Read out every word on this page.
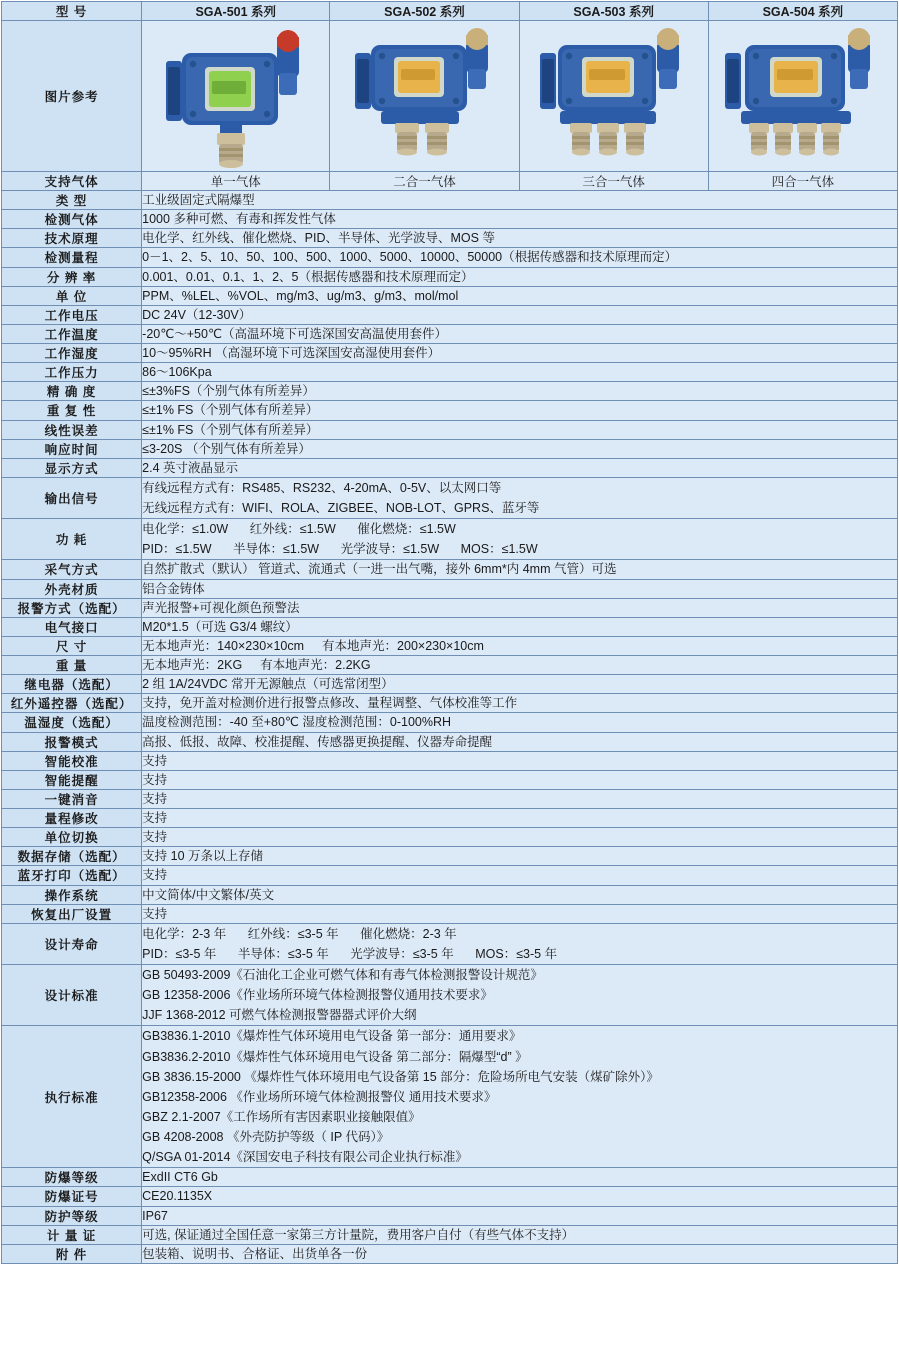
型 号	SGA-501 系列	SGA-502 系列	SGA-503 系列	SGA-504 系列
图片参考	

支持气体	单一气体	二合一气体	三合一气体	四合一气体
类 型	工业级固定式隔爆型			
检测气体	1000 多种可燃、有毒和挥发性气体			
技术原理	电化学、红外线、催化燃烧、PID、半导体、光学波导、MOS 等			
检测量程	0－1、2、5、10、50、100、500、1000、5000、10000、50000（根据传感器和技术原理而定）			
分 辨 率	0.001、0.01、0.1、1、2、5（根据传感器和技术原理而定）			
单 位	PPM、%LEL、%VOL、mg/m3、ug/m3、g/m3、mol/mol			
工作电压	DC 24V（12-30V）			
工作温度	-20℃～+50℃（高温环境下可选深国安高温使用套件）			
工作湿度	10～95%RH （高湿环境下可选深国安高湿使用套件）			
工作压力	86～106Kpa			
精 确 度	≤±3%FS（个别气体有所差异）			
重 复 性	≤±1% FS（个别气体有所差异）			
线性误差	≤±1% FS（个别气体有所差异）			
响应时间	≤3-20S （个别气体有所差异）			
显示方式	2.4 英寸液晶显示			
输出信号	有线远程方式有：RS485、RS232、4-20mA、0-5V、以太网口等
无线远程方式有：WIFI、ROLA、ZIGBEE、NOB-LOT、GPRS、蓝牙等			

功 耗	电化学：≤1.0W 红外线：≤1.5W 催化燃烧：≤1.5W
PID：≤1.5W 半导体：≤1.5W 光学波导：≤1.5W MOS：≤1.5W			

采气方式	自然扩散式（默认） 管道式、流通式（一进一出气嘴，接外 6mm*内 4mm 气管）可选			
外壳材质	铝合金铸体			
报警方式（选配）	声光报警+可视化颜色预警法			
电气接口	M20*1.5（可选 G3/4 螺纹）			
尺 寸	无本地声光：140×230×10cm 有本地声光：200×230×10cm			
重 量	无本地声光：2KG 有本地声光：2.2KG			
继电器（选配）	2 组 1A/24VDC 常开无源触点（可选常闭型）			
红外遥控器（选配）	支持，免开盖对检测价进行报警点修改、量程调整、气体校准等工作			
温湿度（选配）	温度检测范围：-40 至+80℃ 湿度检测范围：0-100%RH			
报警模式	高报、低报、故障、校准提醒、传感器更换提醒、仪器寿命提醒			
智能校准	支持			
智能提醒	支持			
一键消音	支持			
量程修改	支持			
单位切换	支持			
数据存储（选配）	支持 10 万条以上存储			
蓝牙打印（选配）	支持			
操作系统	中文简体/中文繁体/英文			
恢复出厂设置	支持			
设计寿命	电化学：2-3 年 红外线：≤3-5 年 催化燃烧：2-3 年
PID：≤3-5 年 半导体：≤3-5 年 光学波导：≤3-5 年 MOS：≤3-5 年			

设计标准	GB 50493-2009《石油化工企业可燃气体和有毒气体检测报警设计规范》
GB 12358-2006《作业场所环境气体检测报警仪通用技术要求》
JJF 1368-2012 可燃气体检测报警器器式评价大纲			

执行标准	
GB3836.1-2010《爆炸性气体环境用电气设备 第一部分：通用要求》
GB3836.2-2010《爆炸性气体环境用电气设备 第二部分：隔爆型“d” 》
GB 3836.15-2000 《爆炸性气体环境用电气设备第 15 部分：危险场所电气安装（煤矿除外）》
GB12358-2006 《作业场所环境气体检测报警仪 通用技术要求》
GBZ 2.1-2007《工作场所有害因素职业接触限值》
GB 4208-2008 《外壳防护等级（ IP 代码）》
Q/SGA 01-2014《深国安电子科技有限公司企业执行标准》

防爆等级	ExdII CT6 Gb			
防爆证号	CE20.1135X			
防护等级	IP67			
计 量 证	可选, 保证通过全国任意一家第三方计量院，费用客户自付（有些气体不支持）			
附 件	包装箱、说明书、合格证、出货单各一份			
